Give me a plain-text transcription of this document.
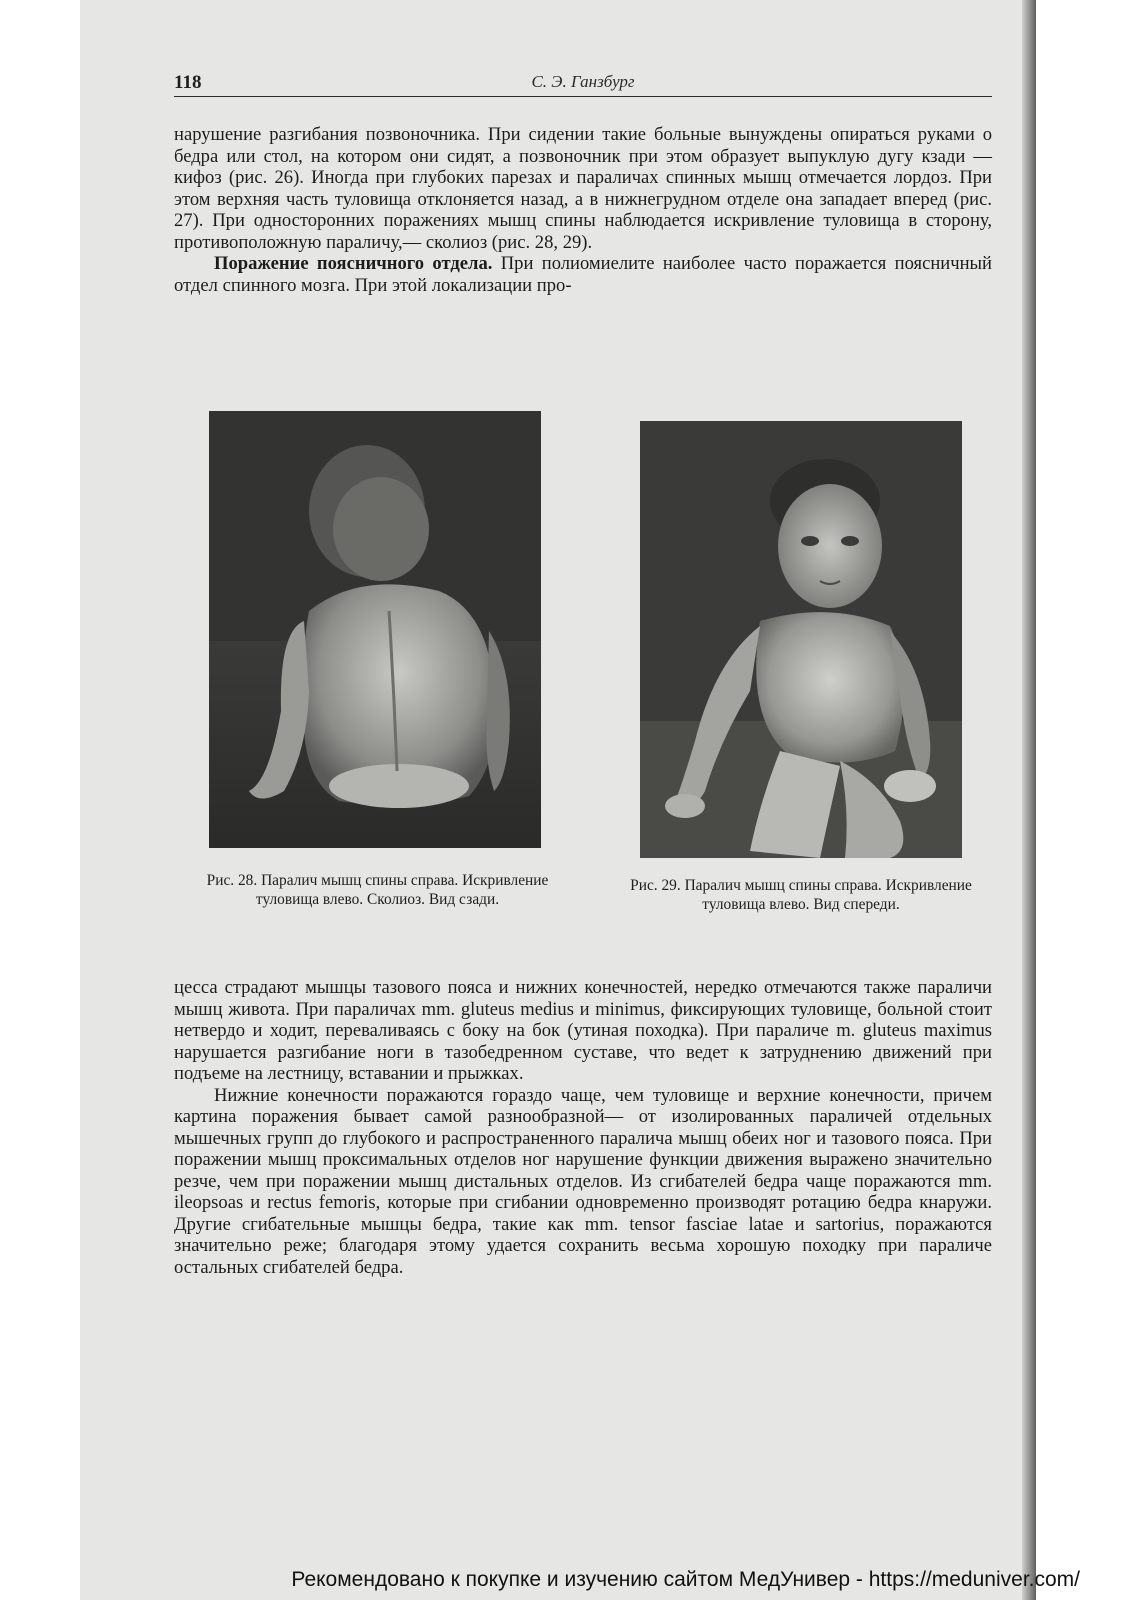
118	С. Э. Ганзбург

нарушение разгибания позвоночника. При сидении такие больные вынуждены опираться руками о бедра или стол, на котором они сидят, а позвоночник при этом образует выпуклую дугу кзади — кифоз (рис. 26). Иногда при глубоких парезах и параличах спинных мышц отмечается лордоз. При этом верхняя часть туловища отклоняется назад, а в нижнегрудном отделе она западает вперед (рис. 27). При односторонних поражениях мышц спины наблюдается искривление туловища в сторону, противоположную параличу,— сколиоз (рис. 28, 29).

Поражение поясничного отдела. При полиомиелите наиболее часто поражается поясничный отдел спинного мозга. При этой локализации про-

Рис. 28. Паралич мышц спины справа. Искривление туловища влево. Сколиоз. Вид сзади.
Рис. 29. Паралич мышц спины справа. Искривление туловища влево. Вид спереди.

цесса страдают мышцы тазового пояса и нижних конечностей, нередко отмечаются также параличи мышц живота. При параличах mm. gluteus medius и minimus, фиксирующих туловище, больной стоит нетвердо и ходит, переваливаясь с боку на бок (утиная походка). При параличе m. gluteus maximus нарушается разгибание ноги в тазобедренном суставе, что ведет к затруднению движений при подъеме на лестницу, вставании и прыжках.

Нижние конечности поражаются гораздо чаще, чем туловище и верхние конечности, причем картина поражения бывает самой разнообразной— от изолированных параличей отдельных мышечных групп до глубокого и распространенного паралича мышц обеих ног и тазового пояса. При поражении мышц проксимальных отделов ног нарушение функции движения выражено значительно резче, чем при поражении мышц дистальных отделов. Из сгибателей бедра чаще поражаются mm. ileopsoas и rectus femoris, которые при сгибании одновременно производят ротацию бедра кнаружи. Другие сгибательные мышцы бедра, такие как mm. tensor fasciae latae и sartorius, поражаются значительно реже; благодаря этому удается сохранить весьма хорошую походку при параличе остальных сгибателей бедра.

Рекомендовано к покупке и изучению сайтом МедУнивер - https://meduniver.com/
